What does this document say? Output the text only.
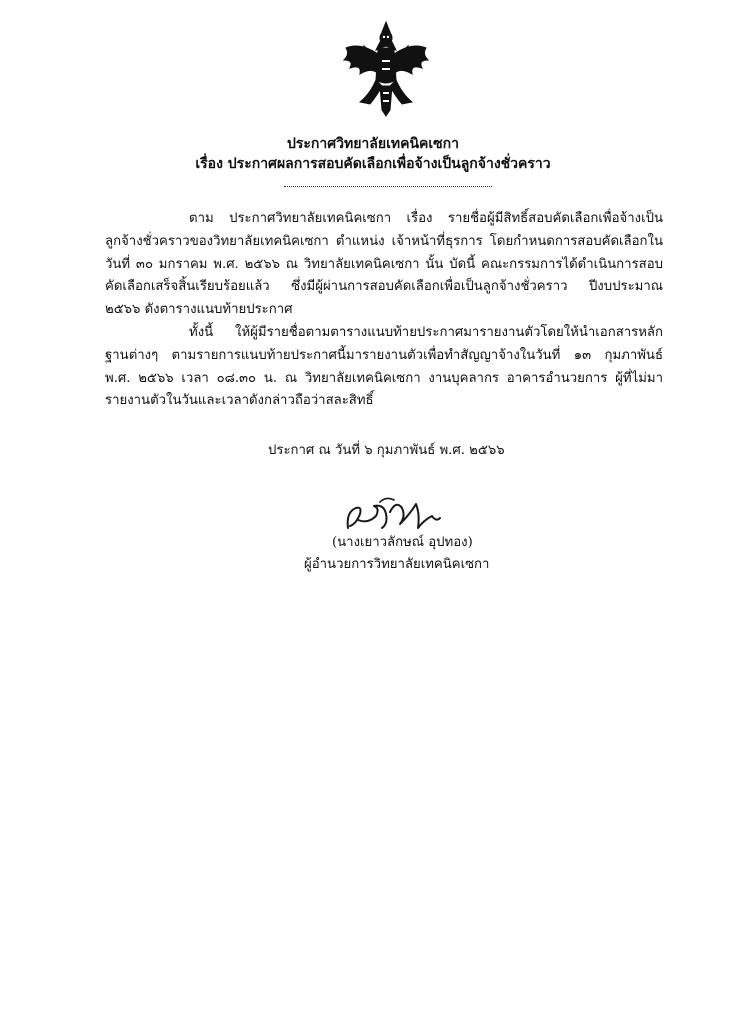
ประกาศวิทยาลัยเทคนิคเซกา
เรื่อง ประกาศผลการสอบคัดเลือกเพื่อจ้างเป็นลูกจ้างชั่วคราว
ตาม ประกาศวิทยาลัยเทคนิคเซกา เรื่อง รายชื่อผู้มีสิทธิ์สอบคัดเลือกเพื่อจ้างเป็นลูกจ้างชั่วคราวของวิทยาลัยเทคนิคเซกา ตำแหน่ง เจ้าหน้าที่ธุรการ โดยกำหนดการสอบคัดเลือกในวันที่ ๓๐ มกราคม พ.ศ. ๒๕๖๖ ณ วิทยาลัยเทคนิคเซกา นั้น บัดนี้ คณะกรรมการได้ดำเนินการสอบคัดเลือกเสร็จสิ้นเรียบร้อยแล้ว ซึ่งมีผู้ผ่านการสอบคัดเลือกเพื่อเป็นลูกจ้างชั่วคราว ปีงบประมาณ ๒๕๖๖ ดังตารางแนบท้ายประกาศ
ทั้งนี้ ให้ผู้มีรายชื่อตามตารางแนบท้ายประกาศมารายงานตัวโดยให้นำเอกสารหลักฐานต่างๆ ตามรายการแนบท้ายประกาศนี้มารายงานตัวเพื่อทำสัญญาจ้างในวันที่ ๑๓ กุมภาพันธ์ พ.ศ. ๒๕๖๖ เวลา ๐๘.๓๐ น. ณ วิทยาลัยเทคนิคเซกา งานบุคลากร อาคารอำนวยการ ผู้ที่ไม่มารายงานตัวในวันและเวลาดังกล่าวถือว่าสละสิทธิ์
ประกาศ ณ วันที่ ๖ กุมภาพันธ์ พ.ศ. ๒๕๖๖
(นางเยาวลักษณ์ อุปทอง)
ผู้อำนวยการวิทยาลัยเทคนิคเซกา
